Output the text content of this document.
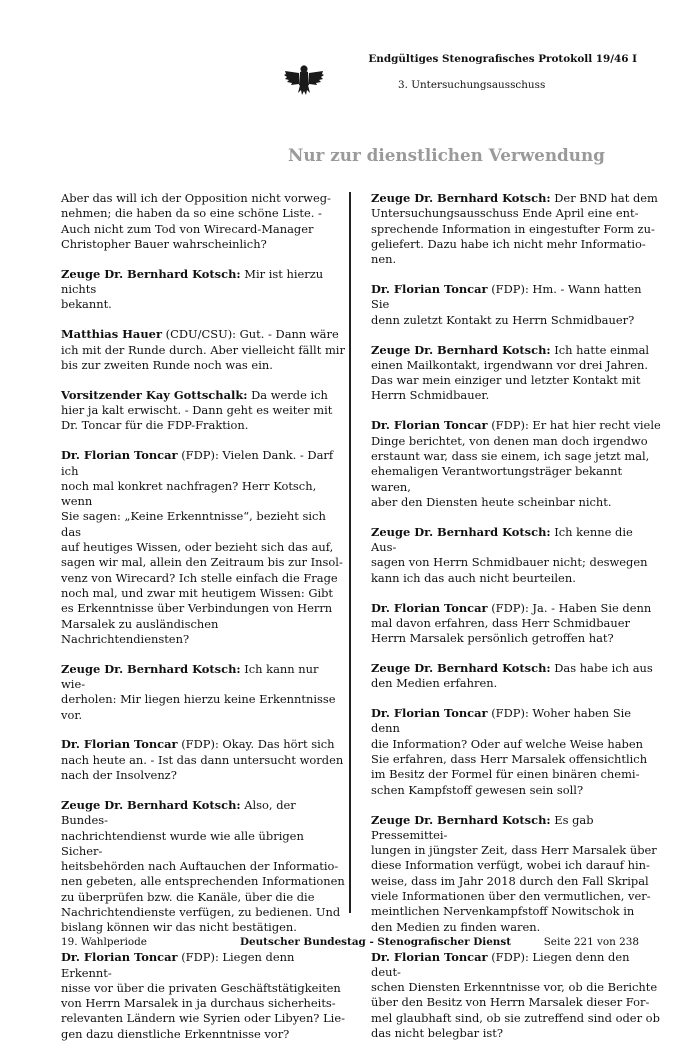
Endgültiges Stenografisches Protokoll 19/46 I
3. Untersuchungsausschuss
Nur zur dienstlichen Verwendung

Aber das will ich der Opposition nicht vorweg-
nehmen; die haben da so eine schöne Liste. -
Auch nicht zum Tod von Wirecard-Manager
Christopher Bauer wahrscheinlich?

Zeuge Dr. Bernhard Kotsch: Mir ist hierzu nichts
bekannt.

Matthias Hauer (CDU/CSU): Gut. - Dann wäre
ich mit der Runde durch. Aber vielleicht fällt mir
bis zur zweiten Runde noch was ein.

Vorsitzender Kay Gottschalk: Da werde ich
hier ja kalt erwischt. - Dann geht es weiter mit
Dr. Toncar für die FDP-Fraktion.

Dr. Florian Toncar (FDP): Vielen Dank. - Darf ich
noch mal konkret nachfragen? Herr Kotsch, wenn
Sie sagen: „Keine Erkenntnisse“, bezieht sich das
auf heutiges Wissen, oder bezieht sich das auf,
sagen wir mal, allein den Zeitraum bis zur Insol-
venz von Wirecard? Ich stelle einfach die Frage
noch mal, und zwar mit heutigem Wissen: Gibt
es Erkenntnisse über Verbindungen von Herrn
Marsalek zu ausländischen Nachrichtendiensten?

Zeuge Dr. Bernhard Kotsch: Ich kann nur wie-
derholen: Mir liegen hierzu keine Erkenntnisse
vor.

Dr. Florian Toncar (FDP): Okay. Das hört sich
nach heute an. - Ist das dann untersucht worden
nach der Insolvenz?

Zeuge Dr. Bernhard Kotsch: Also, der Bundes-
nachrichtendienst wurde wie alle übrigen Sicher-
heitsbehörden nach Auftauchen der Informatio-
nen gebeten, alle entsprechenden Informationen
zu überprüfen bzw. die Kanäle, über die die
Nachrichtendienste verfügen, zu bedienen. Und
bislang können wir das nicht bestätigen.

Dr. Florian Toncar (FDP): Liegen denn Erkennt-
nisse vor über die privaten Geschäftstätigkeiten
von Herrn Marsalek in ja durchaus sicherheits-
relevanten Ländern wie Syrien oder Libyen? Lie-
gen dazu dienstliche Erkenntnisse vor?

Zeuge Dr. Bernhard Kotsch: Der BND hat dem
Untersuchungsausschuss Ende April eine ent-
sprechende Information in eingestufter Form zu-
geliefert. Dazu habe ich nicht mehr Informatio-
nen.

Dr. Florian Toncar (FDP): Hm. - Wann hatten Sie
denn zuletzt Kontakt zu Herrn Schmidbauer?

Zeuge Dr. Bernhard Kotsch: Ich hatte einmal
einen Mailkontakt, irgendwann vor drei Jahren.
Das war mein einziger und letzter Kontakt mit
Herrn Schmidbauer.

Dr. Florian Toncar (FDP): Er hat hier recht viele
Dinge berichtet, von denen man doch irgendwo
erstaunt war, dass sie einem, ich sage jetzt mal,
ehemaligen Verantwortungsträger bekannt waren,
aber den Diensten heute scheinbar nicht.

Zeuge Dr. Bernhard Kotsch: Ich kenne die Aus-
sagen von Herrn Schmidbauer nicht; deswegen
kann ich das auch nicht beurteilen.

Dr. Florian Toncar (FDP): Ja. - Haben Sie denn
mal davon erfahren, dass Herr Schmidbauer
Herrn Marsalek persönlich getroffen hat?

Zeuge Dr. Bernhard Kotsch: Das habe ich aus
den Medien erfahren.

Dr. Florian Toncar (FDP): Woher haben Sie denn
die Information? Oder auf welche Weise haben
Sie erfahren, dass Herr Marsalek offensichtlich
im Besitz der Formel für einen binären chemi-
schen Kampfstoff gewesen sein soll?

Zeuge Dr. Bernhard Kotsch: Es gab Pressemittei-
lungen in jüngster Zeit, dass Herr Marsalek über
diese Information verfügt, wobei ich darauf hin-
weise, dass im Jahr 2018 durch den Fall Skripal
viele Informationen über den vermutlichen, ver-
meintlichen Nervenkampfstoff Nowitschok in
den Medien zu finden waren.

Dr. Florian Toncar (FDP): Liegen denn den deut-
schen Diensten Erkenntnisse vor, ob die Berichte
über den Besitz von Herrn Marsalek dieser For-
mel glaubhaft sind, ob sie zutreffend sind oder ob
das nicht belegbar ist?

19. Wahlperiode	Deutscher Bundestag - Stenografischer Dienst	Seite 221 von 238
